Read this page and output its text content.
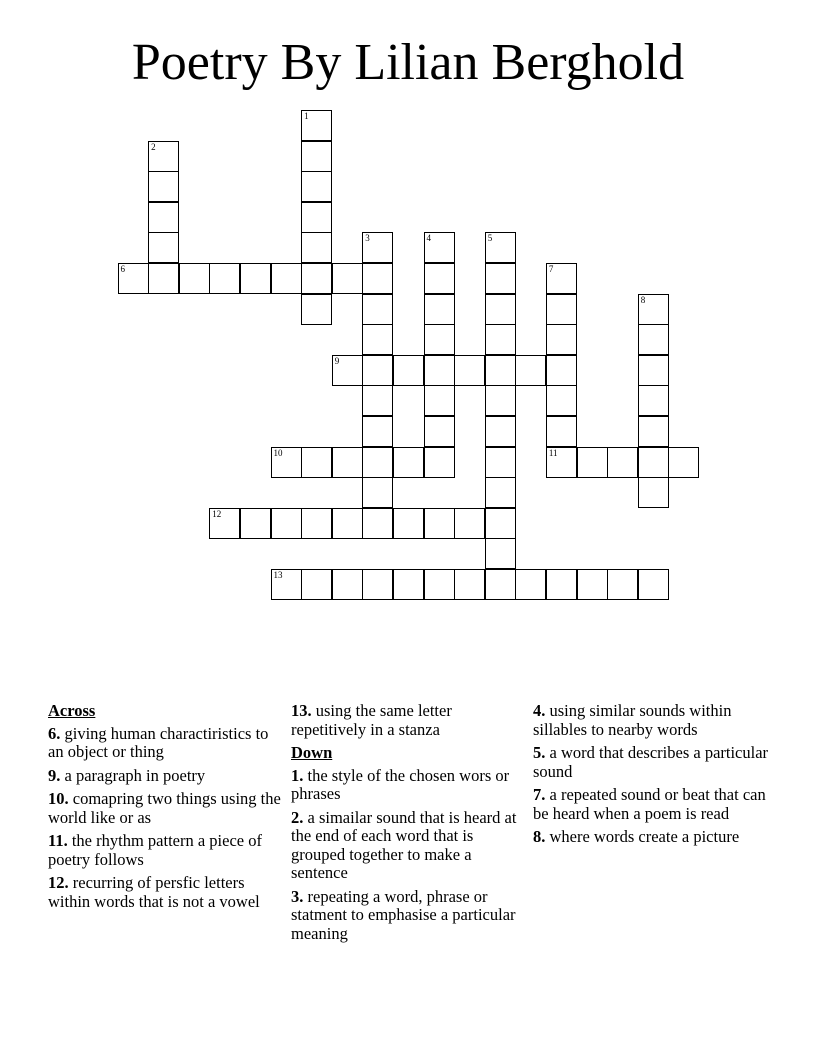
Poetry By Lilian Berghold
1
2
3	4	5
6	7
8
9
10	11
12
13
Across
6. giving human charactiristics to an object or thing
9. a paragraph in poetry
10. comapring two things using the world like or as
11. the rhythm pattern a piece of poetry follows
12. recurring of persfic letters within words that is not a vowel
13. using the same letter repetitively in a stanza
Down
1. the style of the chosen wors or phrases
2. a simailar sound that is heard at the end of each word that is grouped together to make a sentence
3. repeating a word, phrase or statment to emphasise a particular meaning
4. using similar sounds within sillables to nearby words
5. a word that describes a particular sound
7. a repeated sound or beat that can be heard when a poem is read
8. where words create a picture
